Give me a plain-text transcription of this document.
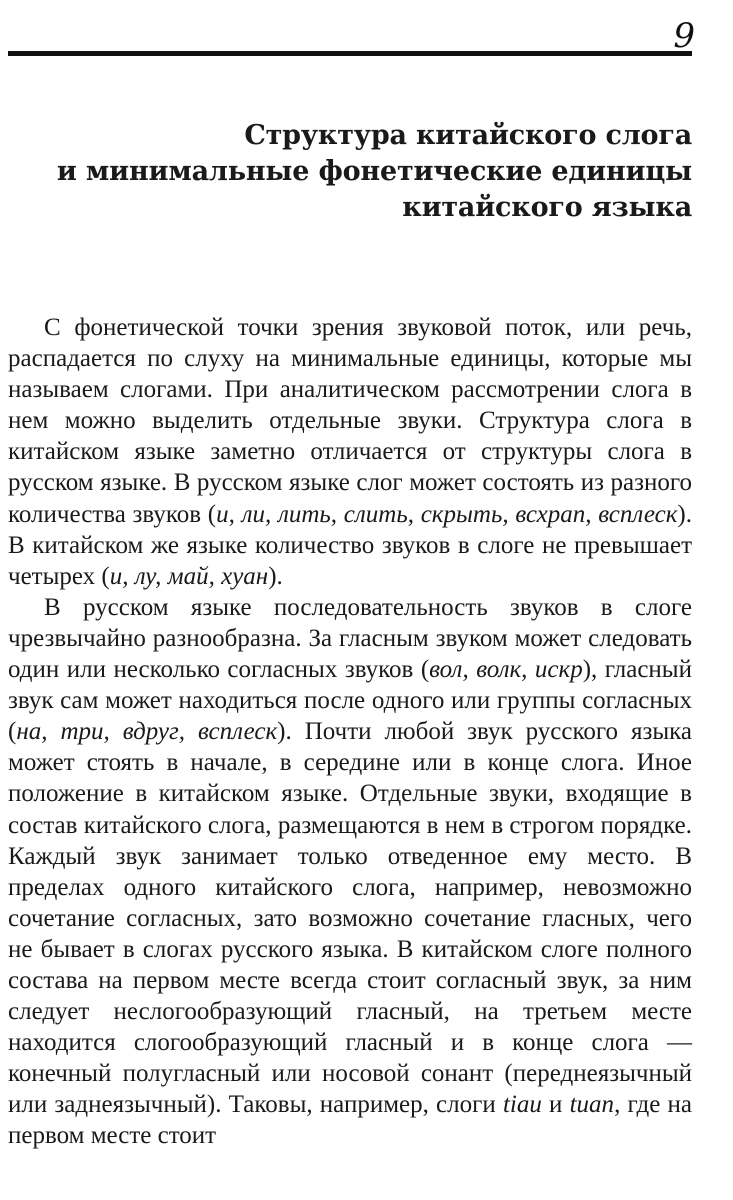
9
Структура китайского слога
и минимальные фонетические единицы
китайского языка

С фонетической точки зрения звуковой поток, или речь, распадается по слуху на минимальные единицы, которые мы называем слогами. При аналитическом рассмотрении слога в нем можно выделить отдельные звуки. Структура слога в китайском языке заметно отличается от структуры слога в русском языке. В русском языке слог может состоять из разного количества звуков (и, ли, лить, слить, скрыть, всхрап, всплеск). В китайском же языке количество звуков в слоге не превышает четырех (и, лу, май, хуан).

В русском языке последовательность звуков в слоге чрезвычайно разнообразна. За гласным звуком может следовать один или несколько согласных звуков (вол, волк, искр), гласный звук сам может находиться после одного или группы согласных (на, три, вдруг, всплеск). Почти любой звук русского языка может стоять в начале, в середине или в конце слога. Иное положение в китайском языке. Отдельные звуки, входящие в состав китайского слога, размещаются в нем в строгом порядке. Каждый звук занимает только отведенное ему место. В пределах одного китайского слога, например, невозможно сочетание согласных, зато возможно сочетание гласных, чего не бывает в слогах русского языка. В китайском слоге полного состава на первом месте всегда стоит согласный звук, за ним следует неслогообразующий гласный, на третьем месте находится слогообразующий гласный и в конце слога — конечный полугласный или носовой сонант (переднеязычный или заднеязычный). Таковы, например, слоги tiau и tuan, где на первом месте стоит
